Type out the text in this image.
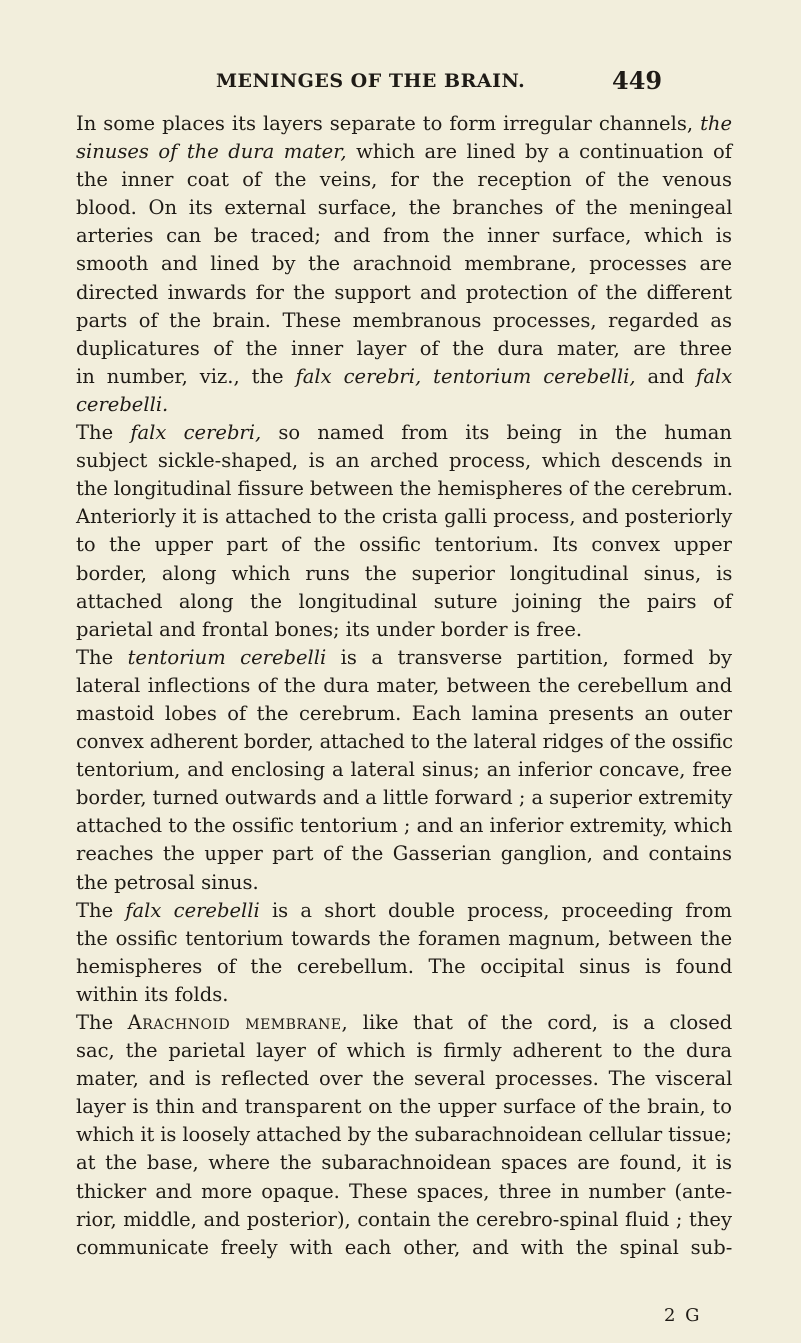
MENINGES OF THE BRAIN.	449

In some places its layers separate to form irregular channels, the
sinuses of the dura mater, which are lined by a continuation of
the inner coat of the veins, for the reception of the venous
blood. On its external surface, the branches of the meningeal
arteries can be traced; and from the inner surface, which is
smooth and lined by the arachnoid membrane, processes are
directed inwards for the support and protection of the different
parts of the brain. These membranous processes, regarded as
duplicatures of the inner layer of the dura mater, are three
in number, viz., the falx cerebri, tentorium cerebelli, and falx
cerebelli.

The falx cerebri, so named from its being in the human
subject sickle-shaped, is an arched process, which descends in
the longitudinal fissure between the hemispheres of the cerebrum.
Anteriorly it is attached to the crista galli process, and posteriorly
to the upper part of the ossific tentorium. Its convex upper
border, along which runs the superior longitudinal sinus, is
attached along the longitudinal suture joining the pairs of
parietal and frontal bones; its under border is free.

The tentorium cerebelli is a transverse partition, formed by
lateral inflections of the dura mater, between the cerebellum and
mastoid lobes of the cerebrum. Each lamina presents an outer
convex adherent border, attached to the lateral ridges of the ossific
tentorium, and enclosing a lateral sinus; an inferior concave, free
border, turned outwards and a little forward ; a superior extremity
attached to the ossific tentorium ; and an inferior extremity, which
reaches the upper part of the Gasserian ganglion, and contains
the petrosal sinus.

The falx cerebelli is a short double process, proceeding from
the ossific tentorium towards the foramen magnum, between the
hemispheres of the cerebellum. The occipital sinus is found
within its folds.

The Arachnoid membrane, like that of the cord, is a closed
sac, the parietal layer of which is firmly adherent to the dura
mater, and is reflected over the several processes. The visceral
layer is thin and transparent on the upper surface of the brain, to
which it is loosely attached by the subarachnoidean cellular tissue;
at the base, where the subarachnoidean spaces are found, it is
thicker and more opaque. These spaces, three in number (ante-
rior, middle, and posterior), contain the cerebro-spinal fluid ; they
communicate freely with each other, and with the spinal sub-

2 G
